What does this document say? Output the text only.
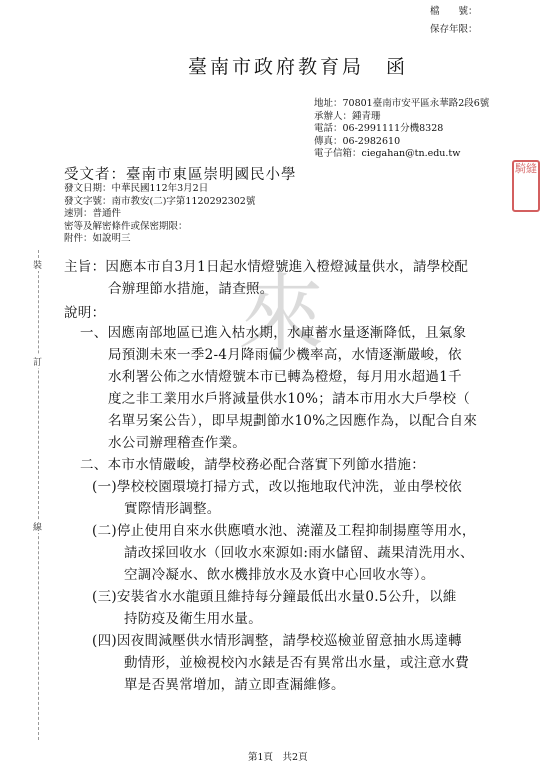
檔　　號：
保存年限：
臺南市政府教育局　函
地址：70801臺南市安平區永華路2段6號
承辦人：鍾青珊
電話：06-2991111分機8328
傳真：06-2982610
電子信箱：ciegahan@tn.edu.tw
騎縫
受文者：臺南市東區崇明國民小學
發文日期：中華民國112年3月2日
發文字號：南市教安(二)字第1120292302號
速別：普通件
密等及解密條件或保密期限：
附件：如說明三
裝
訂
線
來
主旨：因應本市自3月1日起水情燈號進入橙燈減量供水，請學校配
合辦理節水措施，請查照。
說明：
一、因應南部地區已進入枯水期，水庫蓄水量逐漸降低，且氣象
局預測未來一季2-4月降雨偏少機率高，水情逐漸嚴峻，依
水利署公佈之水情燈號本市已轉為橙燈，每月用水超過1千
度之非工業用水戶將減量供水10%；請本市用水大戶學校（
名單另案公告），即早規劃節水10%之因應作為，以配合自來
水公司辦理稽查作業。
二、本市水情嚴峻，請學校務必配合落實下列節水措施：
(一)學校校園環境打掃方式，改以拖地取代沖洗，並由學校依
實際情形調整。
(二)停止使用自來水供應噴水池、澆灌及工程抑制揚塵等用水，
請改採回收水（回收水來源如:雨水儲留、蔬果清洗用水、
空調冷凝水、飲水機排放水及水資中心回收水等）。
(三)安裝省水水龍頭且維持每分鐘最低出水量0.5公升，以維
持防疫及衛生用水量。
(四)因夜間減壓供水情形調整，請學校巡檢並留意抽水馬達轉
動情形，並檢視校內水錶是否有異常出水量，或注意水費
單是否異常增加，請立即查漏維修。
第1頁　共2頁
